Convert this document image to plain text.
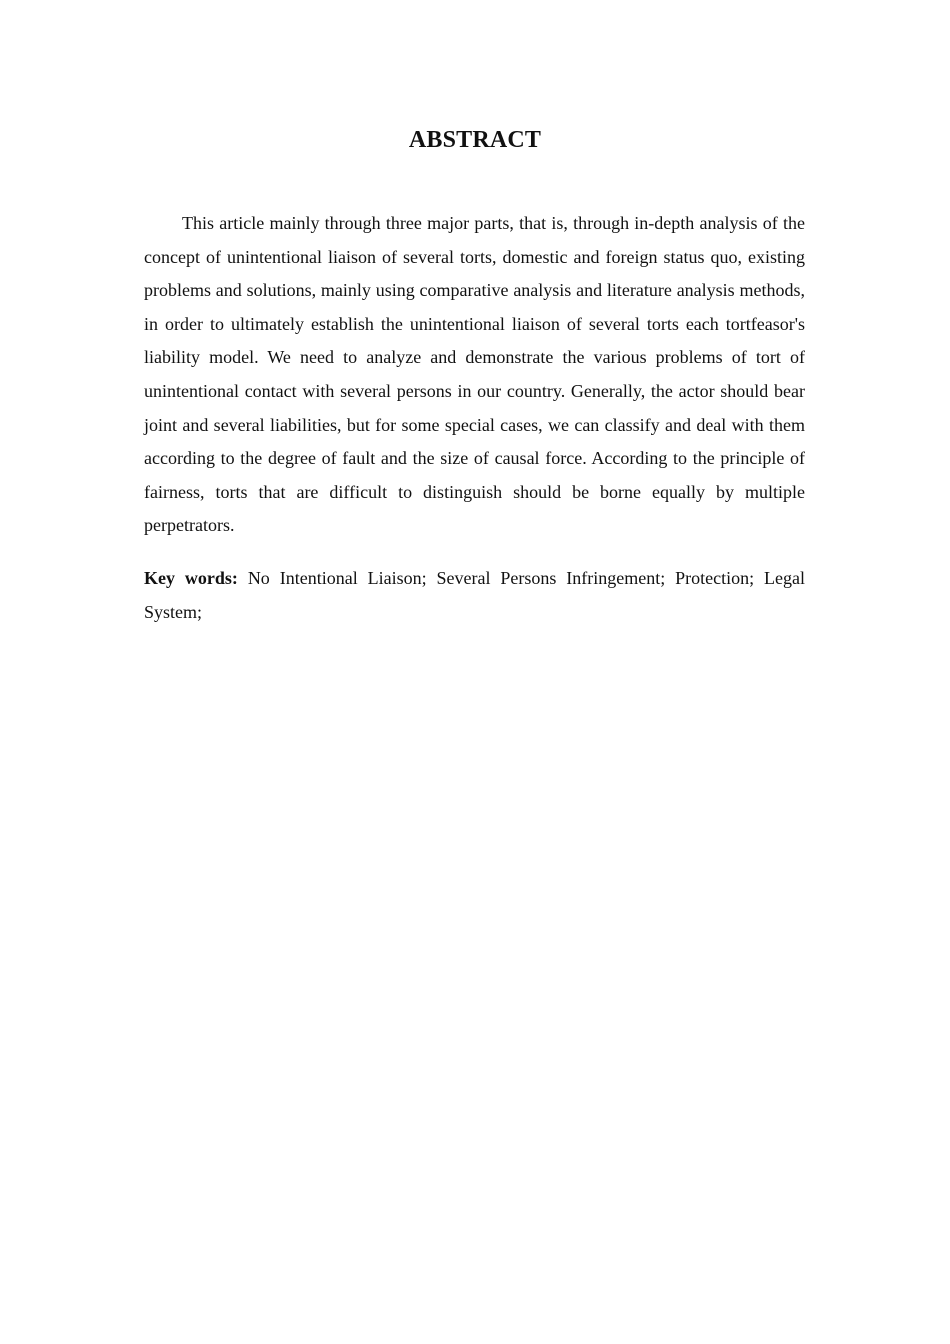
ABSTRACT

This article mainly through three major parts, that is, through in-depth analysis of the concept of unintentional liaison of several torts, domestic and foreign status quo, existing problems and solutions, mainly using comparative analysis and literature analysis methods, in order to ultimately establish the unintentional liaison of several torts each tortfeasor's liability model. We need to analyze and demonstrate the various problems of tort of unintentional contact with several persons in our country. Generally, the actor should bear joint and several liabilities, but for some special cases, we can classify and deal with them according to the degree of fault and the size of causal force. According to the principle of fairness, torts that are difficult to distinguish should be borne equally by multiple perpetrators.

Key words: No Intentional Liaison; Several Persons Infringement; Protection; Legal System;
